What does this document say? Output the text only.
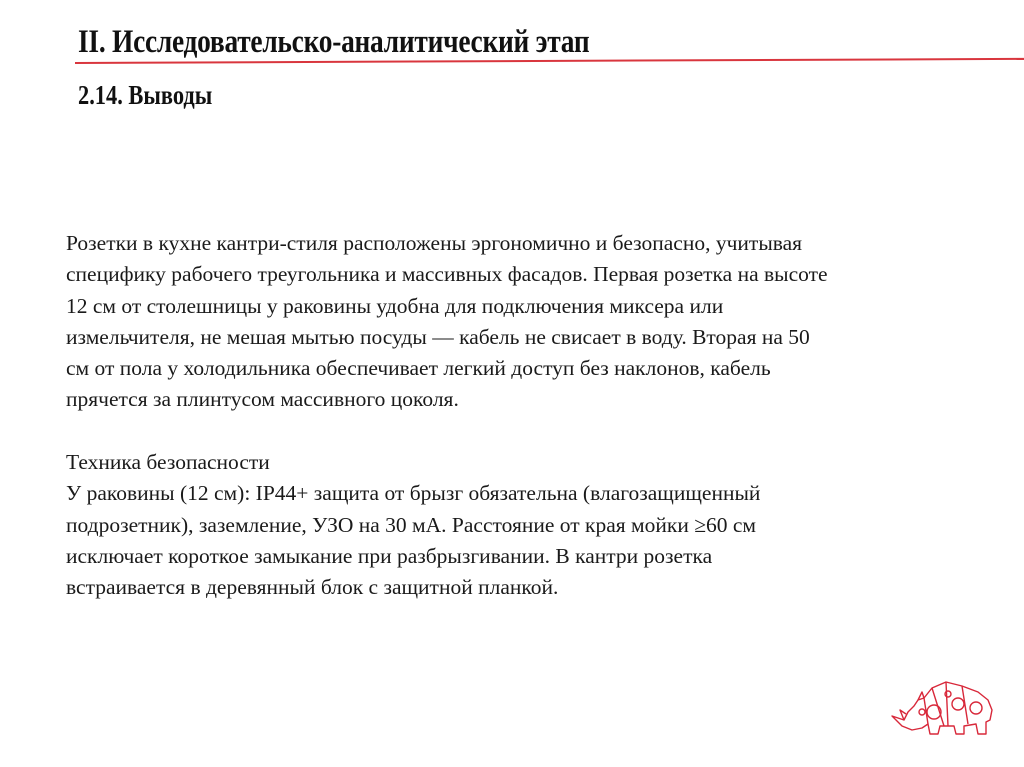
II. Исследовательско-аналитический этап
2.14. Выводы
Розетки в кухне кантри-стиля расположены эргономично и безопасно, учитывая
специфику рабочего треугольника и массивных фасадов. Первая розетка на высоте
12 см от столешницы у раковины удобна для подключения миксера или
измельчителя, не мешая мытью посуды — кабель не свисает в воду. Вторая на 50
см от пола у холодильника обеспечивает легкий доступ без наклонов, кабель
прячется за плинтусом массивного цоколя.
Техника безопасности
У раковины (12 см): IP44+ защита от брызг обязательна (влагозащищенный
подрозетник), заземление, УЗО на 30 мА. Расстояние от края мойки ≥60 см
исключает короткое замыкание при разбрызгивании. В кантри розетка
встраивается в деревянный блок с защитной планкой.
